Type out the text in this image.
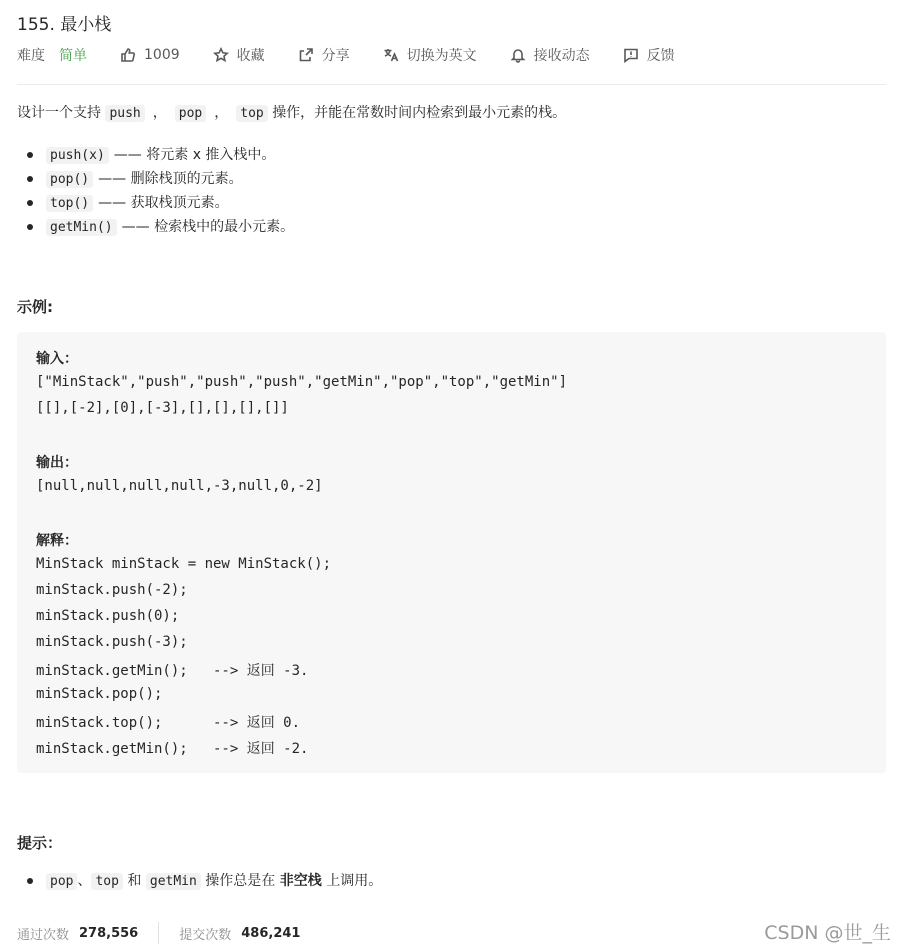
155. 最小栈
难度 简单	1009	收藏	分享	切换为英文	接收动态	反馈
设计一个支持 push ， pop ， top 操作，并能在常数时间内检索到最小元素的栈。
push(x) —— 将元素 x 推入栈中。
pop() —— 删除栈顶的元素。
top() —— 获取栈顶元素。
getMin() —— 检索栈中的最小元素。
示例:
输入：
["MinStack","push","push","push","getMin","pop","top","getMin"]
[[],[-2],[0],[-3],[],[],[],[]]
输出：
[null,null,null,null,-3,null,0,-2]
解释：
MinStack minStack = new MinStack();
minStack.push(-2);
minStack.push(0);
minStack.push(-3);
minStack.getMin();   --> 返回 -3.
minStack.pop();
minStack.top();      --> 返回 0.
minStack.getMin();   --> 返回 -2.
提示：
pop 、 top 和 getMin 操作总是在 非空栈 上调用。
通过次数 278,556	提交次数 486,241	CSDN @世_生
